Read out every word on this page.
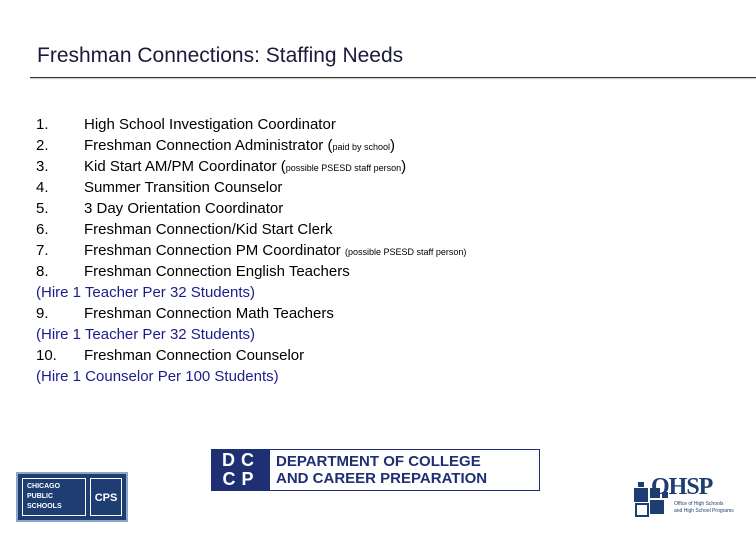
Freshman Connections: Staffing Needs
1. High School Investigation Coordinator
2. Freshman Connection Administrator (paid by school)
3. Kid Start AM/PM Coordinator (possible PSESD staff person)
4. Summer Transition Counselor
5. 3 Day Orientation Coordinator
6. Freshman Connection/Kid Start Clerk
7. Freshman Connection PM Coordinator (possible PSESD staff person)
8. Freshman Connection English Teachers
(Hire 1 Teacher Per 32 Students)
9. Freshman Connection Math Teachers
(Hire 1 Teacher Per 32 Students)
10. Freshman Connection Counselor
(Hire 1 Counselor Per 100 Students)
CHICAGO
PUBLIC
SCHOOLS
CPS
DC
CP
DEPARTMENT OF COLLEGE
AND CAREER PREPARATION	OHSP
Office of High Schools
and High School Programs
